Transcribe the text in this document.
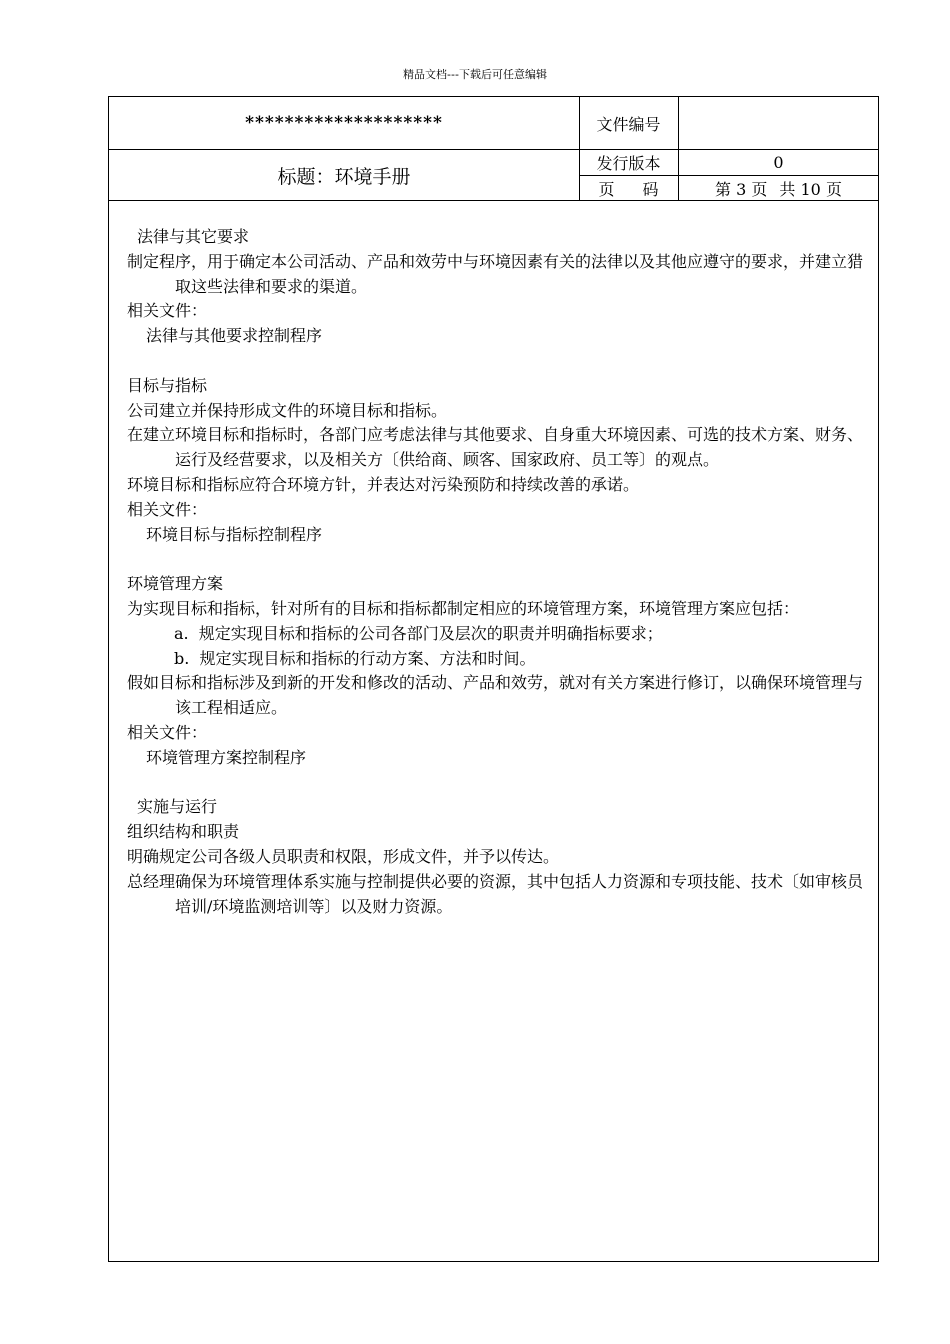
精品文档---下载后可任意编辑
********************
标题：环境手册
文件编号
发行版本	0
页 码	第 3 页 共 10 页
法律与其它要求
制定程序，用于确定本公司活动、产品和效劳中与环境因素有关的法律以及其他应遵守的要求，并建立猎取这些法律和要求的渠道。
相关文件：
法律与其他要求控制程序
目标与指标
公司建立并保持形成文件的环境目标和指标。
在建立环境目标和指标时，各部门应考虑法律与其他要求、自身重大环境因素、可选的技术方案、财务、运行及经营要求，以及相关方〔供给商、顾客、国家政府、员工等〕的观点。
环境目标和指标应符合环境方针，并表达对污染预防和持续改善的承诺。
相关文件：
环境目标与指标控制程序
环境管理方案
为实现目标和指标，针对所有的目标和指标都制定相应的环境管理方案，环境管理方案应包括：
a. 规定实现目标和指标的公司各部门及层次的职责并明确指标要求；
b. 规定实现目标和指标的行动方案、方法和时间。
假如目标和指标涉及到新的开发和修改的活动、产品和效劳，就对有关方案进行修订，以确保环境管理与该工程相适应。
相关文件：
环境管理方案控制程序
实施与运行
组织结构和职责
明确规定公司各级人员职责和权限，形成文件，并予以传达。
总经理确保为环境管理体系实施与控制提供必要的资源，其中包括人力资源和专项技能、技术〔如审核员培训/环境监测培训等〕以及财力资源。
